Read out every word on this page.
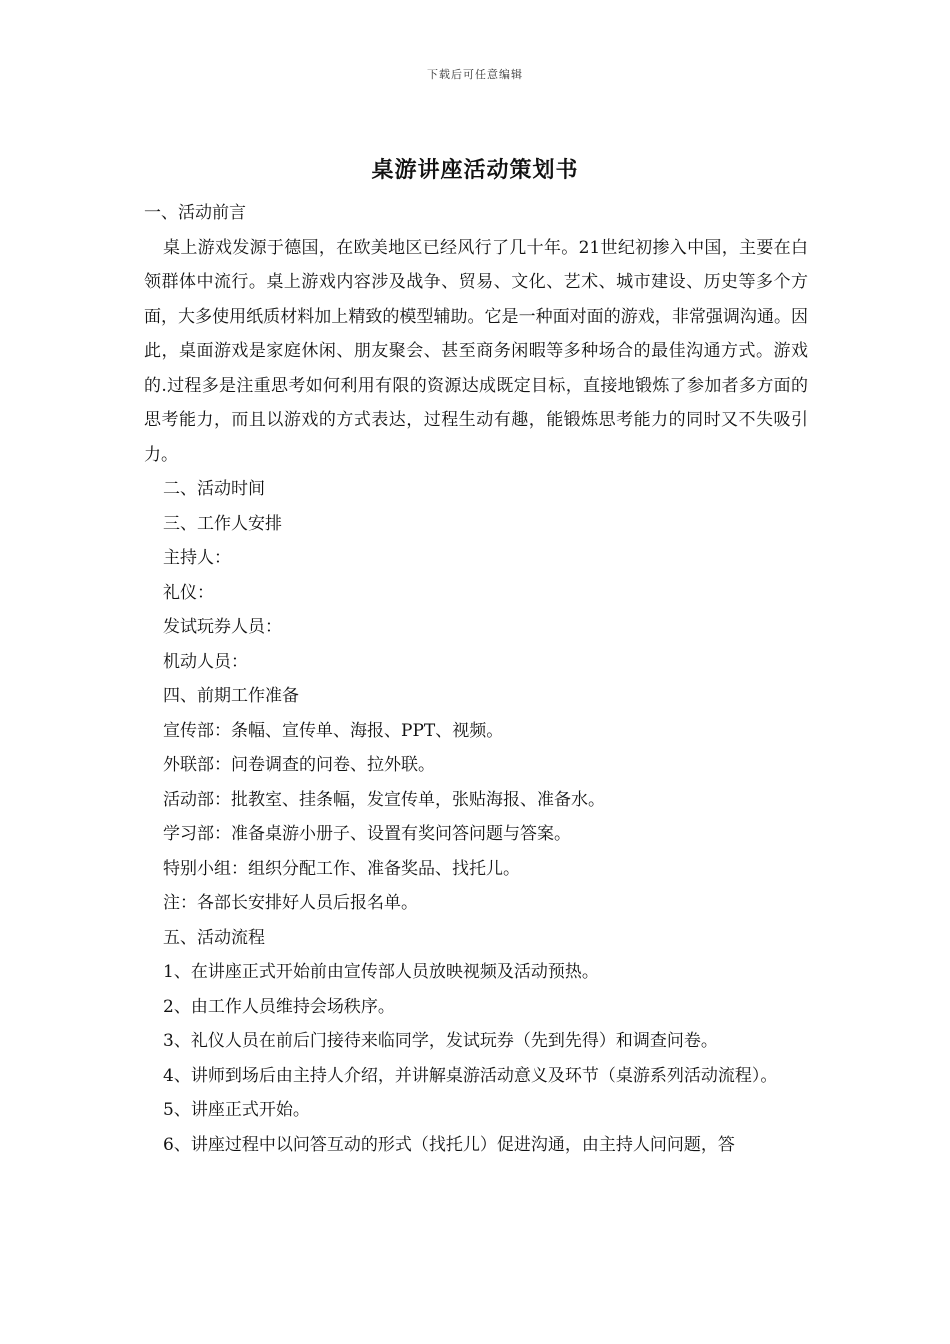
下载后可任意编辑
桌游讲座活动策划书

一、活动前言

桌上游戏发源于德国，在欧美地区已经风行了几十年。21世纪初掺入中国，主要在白领群体中流行。桌上游戏内容涉及战争、贸易、文化、艺术、城市建设、历史等多个方面，大多使用纸质材料加上精致的模型辅助。它是一种面对面的游戏，非常强调沟通。因此，桌面游戏是家庭休闲、朋友聚会、甚至商务闲暇等多种场合的最佳沟通方式。游戏的.过程多是注重思考如何利用有限的资源达成既定目标，直接地锻炼了参加者多方面的思考能力，而且以游戏的方式表达，过程生动有趣，能锻炼思考能力的同时又不失吸引力。

二、活动时间

三、工作人安排

主持人：

礼仪：

发试玩券人员：

机动人员：

四、前期工作准备

宣传部：条幅、宣传单、海报、PPT、视频。

外联部：问卷调查的问卷、拉外联。

活动部：批教室、挂条幅，发宣传单，张贴海报、准备水。

学习部：准备桌游小册子、设置有奖问答问题与答案。

特别小组：组织分配工作、准备奖品、找托儿。

注：各部长安排好人员后报名单。

五、活动流程

1、在讲座正式开始前由宣传部人员放映视频及活动预热。

2、由工作人员维持会场秩序。

3、礼仪人员在前后门接待来临同学，发试玩券（先到先得）和调查问卷。

4、讲师到场后由主持人介绍，并讲解桌游活动意义及环节（桌游系列活动流程）。

5、讲座正式开始。

6、讲座过程中以问答互动的形式（找托儿）促进沟通，由主持人问问题，答
